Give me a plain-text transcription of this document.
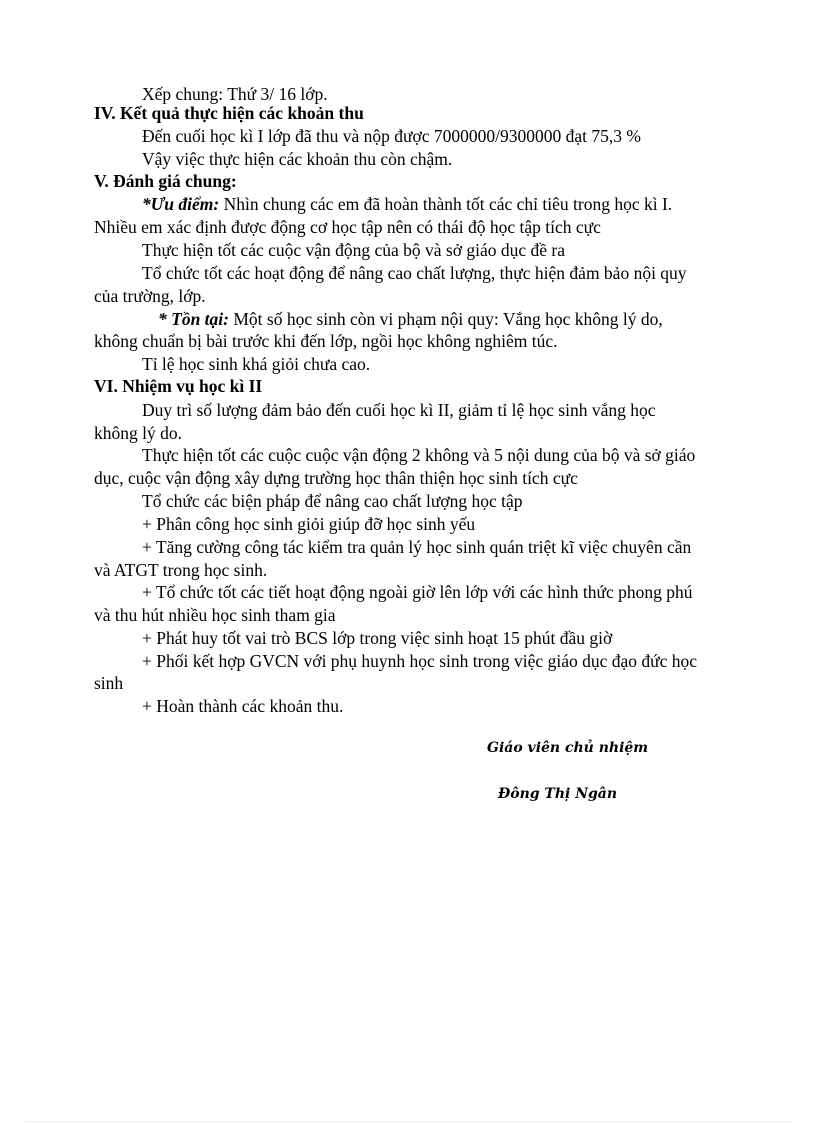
Xếp chung: Thứ 3/ 16 lớp.
IV. Kết quả thực hiện các khoản thu
Đến cuối học kì I lớp đã thu và nộp được 7000000/9300000 đạt 75,3 %
Vậy việc thực hiện các khoản thu còn chậm.
V. Đánh giá chung:
*Ưu điểm: Nhìn chung các em đã hoàn thành tốt các chỉ tiêu trong học kì I.
Nhiều em xác định được động cơ học tập nên có thái độ học tập tích cực
Thực hiện tốt các cuộc vận động của bộ và sở giáo dục đề ra
Tổ chức tốt các hoạt động để nâng cao chất lượng, thực hiện đảm bảo nội quy
của trường, lớp.
* Tồn tại: Một số học sinh còn vi phạm nội quy: Vắng học không lý do,
không chuẩn bị bài trước khi đến lớp, ngồi học không nghiêm túc.
Tỉ lệ học sinh khá giỏi chưa cao.
VI. Nhiệm vụ học kì II
Duy trì số lượng đảm bảo đến cuối học kì II, giảm tỉ lệ học sinh vắng học
không lý do.
Thực hiện tốt các cuộc cuộc vận động 2 không và 5 nội dung của bộ và sở giáo
dục, cuộc vận động xây dựng trường học thân thiện học sinh tích cực
Tổ chức các biện pháp để nâng cao chất lượng học tập
+ Phân công học sinh giỏi giúp đỡ học sinh yếu
+ Tăng cường công tác kiểm tra quản lý học sinh quán triệt kĩ việc chuyên cần
và ATGT trong học sinh.
+ Tổ chức tốt các tiết hoạt động ngoài giờ lên lớp với các hình thức phong phú
và thu hút nhiều học sinh tham gia
+ Phát huy tốt vai trò BCS lớp trong việc sinh hoạt 15 phút đầu giờ
+ Phối kết hợp GVCN với phụ huynh học sinh trong việc giáo dục đạo đức học
sinh
+ Hoàn thành các khoản thu.
Giáo viên chủ nhiệm
Đông Thị Ngân
